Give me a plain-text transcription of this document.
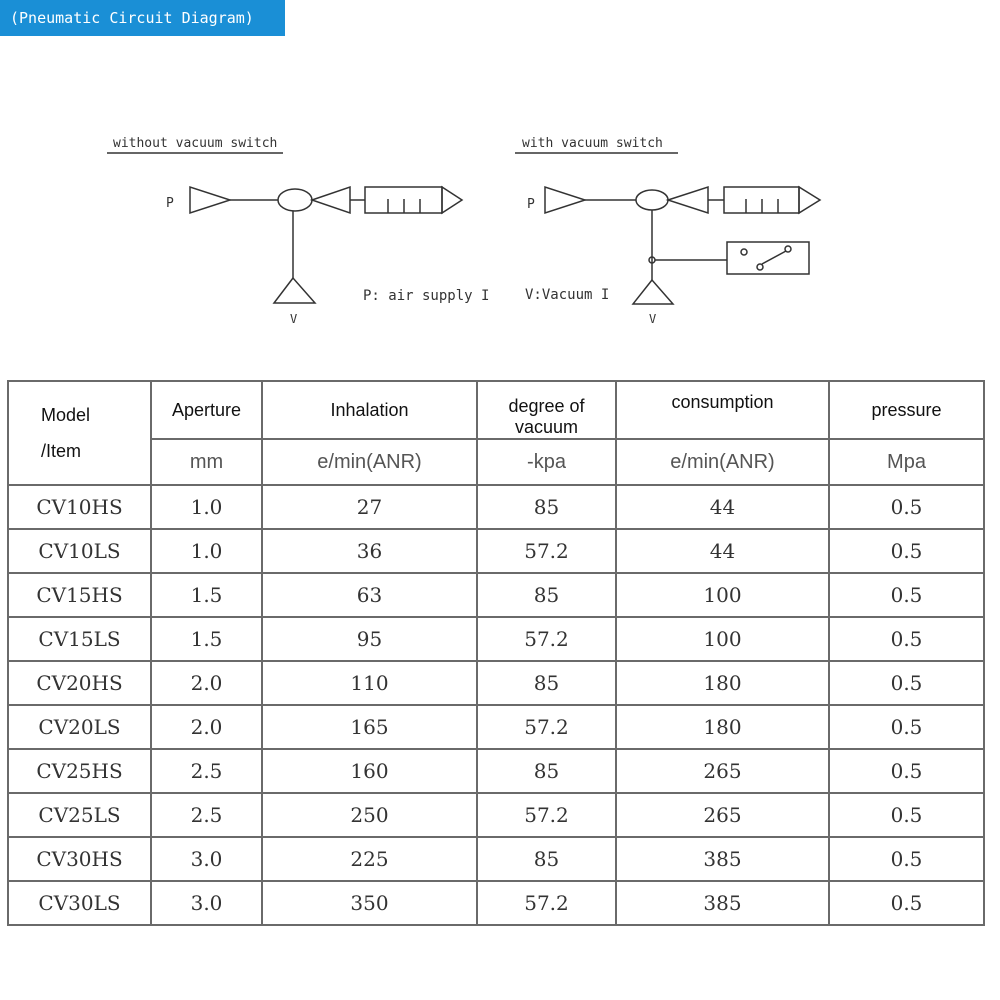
(Pneumatic Circuit Diagram)
without vacuum switch	with vacuum switch
P	P
V	V
P: air supply I	V:Vacuum I
Model
/Item	Aperture	Inhalation	degree of vacuum	consumption	pressure
	mm	e/min(ANR)	-kpa	e/min(ANR)	Mpa
CV10HS	1.0	27	85	44	0.5
CV10LS	1.0	36	57.2	44	0.5
CV15HS	1.5	63	85	100	0.5
CV15LS	1.5	95	57.2	100	0.5
CV20HS	2.0	110	85	180	0.5
CV20LS	2.0	165	57.2	180	0.5
CV25HS	2.5	160	85	265	0.5
CV25LS	2.5	250	57.2	265	0.5
CV30HS	3.0	225	85	385	0.5
CV30LS	3.0	350	57.2	385	0.5
